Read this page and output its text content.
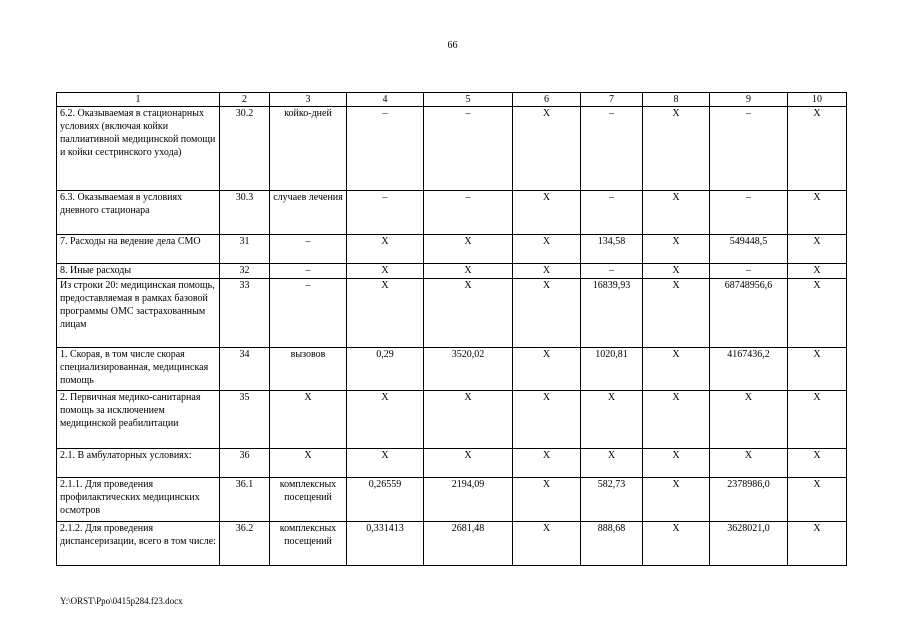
66
1	2	3	4	5	6	7	8	9	10
6.2. Оказываемая в стационарных условиях (включая койки паллиативной медицинской помощи и койки сестринского ухода)	30.2	койко-дней	–	–	Х	–	Х	–	Х
6.3. Оказываемая в условиях дневного стационара	30.3	случаев лечения	–	–	Х	–	Х	–	Х
7. Расходы на ведение дела СМО	31	–	Х	Х	Х	134,58	Х	549448,5	Х
8. Иные расходы	32	–	Х	Х	Х	–	Х	–	Х
Из строки 20: медицинская помощь, предоставляемая в рамках базовой программы ОМС застрахованным лицам	33	–	Х	Х	Х	16839,93	Х	68748956,6	Х
1. Скорая, в том числе скорая специализированная, медицинская помощь	34	вызовов	0,29	3520,02	Х	1020,81	Х	4167436,2	Х
2. Первичная медико-санитарная помощь за исключением медицинской реабилитации	35	Х	Х	Х	Х	Х	Х	Х	Х
2.1. В амбулаторных условиях:	36	Х	Х	Х	Х	Х	Х	Х	Х
2.1.1. Для проведения профилактических медицинских осмотров	36.1	комплексных посещений	0,26559	2194,09	Х	582,73	Х	2378986,0	Х
2.1.2. Для проведения диспансеризации, всего в том числе:	36.2	комплексных посещений	0,331413	2681,48	Х	888,68	Х	3628021,0	Х
Y:\ORST\Ppo\0415p284.f23.docx
